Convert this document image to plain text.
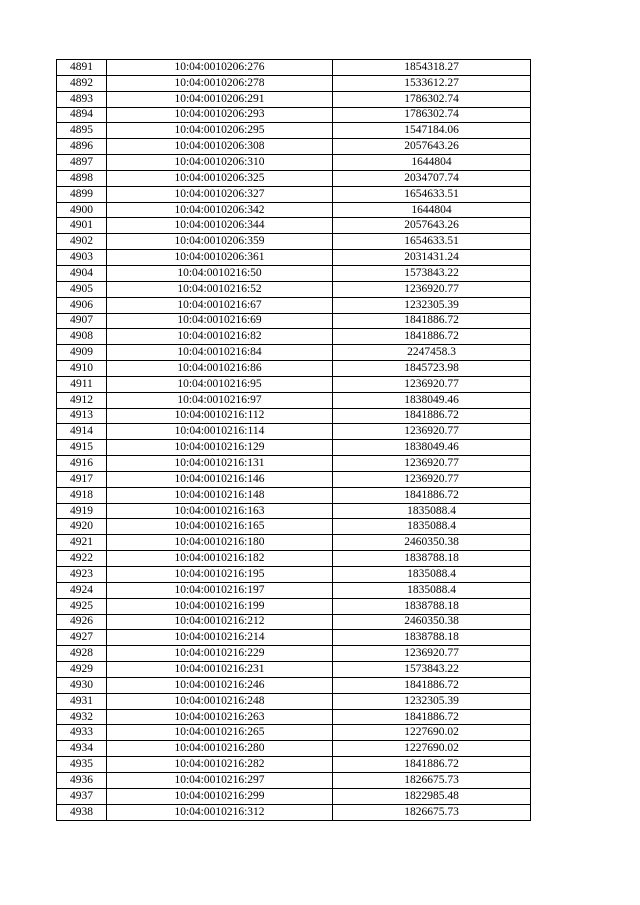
4891	10:04:0010206:276	1854318.27
4892	10:04:0010206:278	1533612.27
4893	10:04:0010206:291	1786302.74
4894	10:04:0010206:293	1786302.74
4895	10:04:0010206:295	1547184.06
4896	10:04:0010206:308	2057643.26
4897	10:04:0010206:310	1644804
4898	10:04:0010206:325	2034707.74
4899	10:04:0010206:327	1654633.51
4900	10:04:0010206:342	1644804
4901	10:04:0010206:344	2057643.26
4902	10:04:0010206:359	1654633.51
4903	10:04:0010206:361	2031431.24
4904	10:04:0010216:50	1573843.22
4905	10:04:0010216:52	1236920.77
4906	10:04:0010216:67	1232305.39
4907	10:04:0010216:69	1841886.72
4908	10:04:0010216:82	1841886.72
4909	10:04:0010216:84	2247458.3
4910	10:04:0010216:86	1845723.98
4911	10:04:0010216:95	1236920.77
4912	10:04:0010216:97	1838049.46
4913	10:04:0010216:112	1841886.72
4914	10:04:0010216:114	1236920.77
4915	10:04:0010216:129	1838049.46
4916	10:04:0010216:131	1236920.77
4917	10:04:0010216:146	1236920.77
4918	10:04:0010216:148	1841886.72
4919	10:04:0010216:163	1835088.4
4920	10:04:0010216:165	1835088.4
4921	10:04:0010216:180	2460350.38
4922	10:04:0010216:182	1838788.18
4923	10:04:0010216:195	1835088.4
4924	10:04:0010216:197	1835088.4
4925	10:04:0010216:199	1838788.18
4926	10:04:0010216:212	2460350.38
4927	10:04:0010216:214	1838788.18
4928	10:04:0010216:229	1236920.77
4929	10:04:0010216:231	1573843.22
4930	10:04:0010216:246	1841886.72
4931	10:04:0010216:248	1232305.39
4932	10:04:0010216:263	1841886.72
4933	10:04:0010216:265	1227690.02
4934	10:04:0010216:280	1227690.02
4935	10:04:0010216:282	1841886.72
4936	10:04:0010216:297	1826675.73
4937	10:04:0010216:299	1822985.48
4938	10:04:0010216:312	1826675.73
